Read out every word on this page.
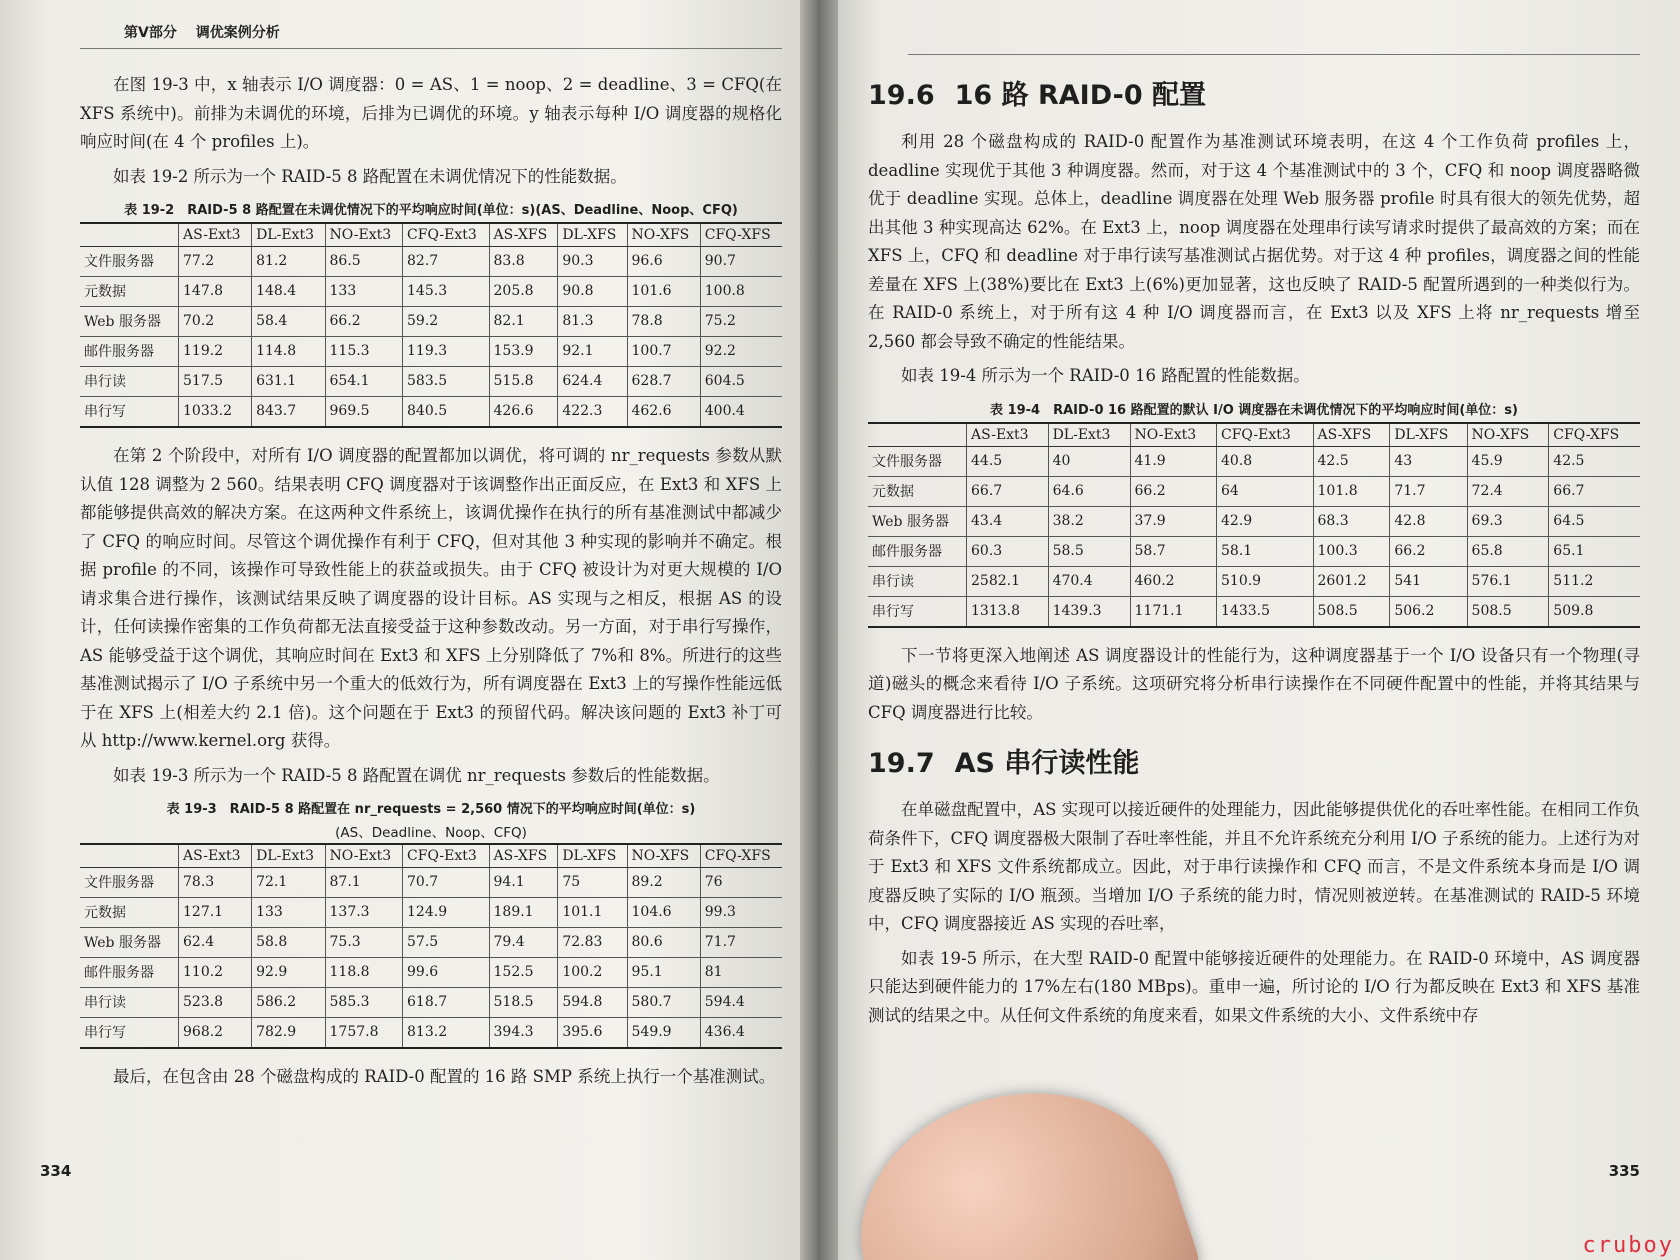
第Ⅴ部分 调优案例分析

在图 19-3 中，x 轴表示 I/O 调度器：0 = AS、1 = noop、2 = deadline、3 = CFQ(在 XFS 系统中)。前排为未调优的环境，后排为已调优的环境。y 轴表示每种 I/O 调度器的规格化响应时间(在 4 个 profiles 上)。

如表 19-2 所示为一个 RAID-5 8 路配置在未调优情况下的性能数据。

表 19-2　RAID-5 8 路配置在未调优情况下的平均响应时间(单位：s)(AS、Deadline、Noop、CFQ)
	AS-Ext3	DL-Ext3	NO-Ext3	CFQ-Ext3	AS-XFS	DL-XFS	NO-XFS	CFQ-XFS
文件服务器	77.2	81.2	86.5	82.7	83.8	90.3	96.6	90.7
元数据	147.8	148.4	133	145.3	205.8	90.8	101.6	100.8
Web 服务器	70.2	58.4	66.2	59.2	82.1	81.3	78.8	75.2
邮件服务器	119.2	114.8	115.3	119.3	153.9	92.1	100.7	92.2
串行读	517.5	631.1	654.1	583.5	515.8	624.4	628.7	604.5
串行写	1033.2	843.7	969.5	840.5	426.6	422.3	462.6	400.4

在第 2 个阶段中，对所有 I/O 调度器的配置都加以调优，将可调的 nr_requests 参数从默认值 128 调整为 2 560。结果表明 CFQ 调度器对于该调整作出正面反应，在 Ext3 和 XFS 上都能够提供高效的解决方案。在这两种文件系统上，该调优操作在执行的所有基准测试中都减少了 CFQ 的响应时间。尽管这个调优操作有利于 CFQ，但对其他 3 种实现的影响并不确定。根据 profile 的不同，该操作可导致性能上的获益或损失。由于 CFQ 被设计为对更大规模的 I/O 请求集合进行操作，该测试结果反映了调度器的设计目标。AS 实现与之相反，根据 AS 的设计，任何读操作密集的工作负荷都无法直接受益于这种参数改动。另一方面，对于串行写操作，AS 能够受益于这个调优，其响应时间在 Ext3 和 XFS 上分别降低了 7%和 8%。所进行的这些基准测试揭示了 I/O 子系统中另一个重大的低效行为，所有调度器在 Ext3 上的写操作性能远低于在 XFS 上(相差大约 2.1 倍)。这个问题在于 Ext3 的预留代码。解决该问题的 Ext3 补丁可从 http://www.kernel.org 获得。

如表 19-3 所示为一个 RAID-5 8 路配置在调优 nr_requests 参数后的性能数据。

表 19-3　RAID-5 8 路配置在 nr_requests = 2,560 情况下的平均响应时间(单位：s)
(AS、Deadline、Noop、CFQ)
	AS-Ext3	DL-Ext3	NO-Ext3	CFQ-Ext3	AS-XFS	DL-XFS	NO-XFS	CFQ-XFS
文件服务器	78.3	72.1	87.1	70.7	94.1	75	89.2	76
元数据	127.1	133	137.3	124.9	189.1	101.1	104.6	99.3
Web 服务器	62.4	58.8	75.3	57.5	79.4	72.83	80.6	71.7
邮件服务器	110.2	92.9	118.8	99.6	152.5	100.2	95.1	81
串行读	523.8	586.2	585.3	618.7	518.5	594.8	580.7	594.4
串行写	968.2	782.9	1757.8	813.2	394.3	395.6	549.9	436.4

最后，在包含由 28 个磁盘构成的 RAID-0 配置的 16 路 SMP 系统上执行一个基准测试。

334
19.6 16 路 RAID-0 配置

利用 28 个磁盘构成的 RAID-0 配置作为基准测试环境表明，在这 4 个工作负荷 profiles 上，deadline 实现优于其他 3 种调度器。然而，对于这 4 个基准测试中的 3 个，CFQ 和 noop 调度器略微优于 deadline 实现。总体上，deadline 调度器在处理 Web 服务器 profile 时具有很大的领先优势，超出其他 3 种实现高达 62%。在 Ext3 上，noop 调度器在处理串行读写请求时提供了最高效的方案；而在 XFS 上，CFQ 和 deadline 对于串行读写基准测试占据优势。对于这 4 种 profiles，调度器之间的性能差量在 XFS 上(38%)要比在 Ext3 上(6%)更加显著，这也反映了 RAID-5 配置所遇到的一种类似行为。在 RAID-0 系统上，对于所有这 4 种 I/O 调度器而言，在 Ext3 以及 XFS 上将 nr_requests 增至 2,560 都会导致不确定的性能结果。

如表 19-4 所示为一个 RAID-0 16 路配置的性能数据。

表 19-4　RAID-0 16 路配置的默认 I/O 调度器在未调优情况下的平均响应时间(单位：s)
	AS-Ext3	DL-Ext3	NO-Ext3	CFQ-Ext3	AS-XFS	DL-XFS	NO-XFS	CFQ-XFS
文件服务器	44.5	40	41.9	40.8	42.5	43	45.9	42.5
元数据	66.7	64.6	66.2	64	101.8	71.7	72.4	66.7
Web 服务器	43.4	38.2	37.9	42.9	68.3	42.8	69.3	64.5
邮件服务器	60.3	58.5	58.7	58.1	100.3	66.2	65.8	65.1
串行读	2582.1	470.4	460.2	510.9	2601.2	541	576.1	511.2
串行写	1313.8	1439.3	1171.1	1433.5	508.5	506.2	508.5	509.8

下一节将更深入地阐述 AS 调度器设计的性能行为，这种调度器基于一个 I/O 设备只有一个物理(寻道)磁头的概念来看待 I/O 子系统。这项研究将分析串行读操作在不同硬件配置中的性能，并将其结果与 CFQ 调度器进行比较。

19.7 AS 串行读性能

在单磁盘配置中，AS 实现可以接近硬件的处理能力，因此能够提供优化的吞吐率性能。在相同工作负荷条件下，CFQ 调度器极大限制了吞吐率性能，并且不允许系统充分利用 I/O 子系统的能力。上述行为对于 Ext3 和 XFS 文件系统都成立。因此，对于串行读操作和 CFQ 而言，不是文件系统本身而是 I/O 调度器反映了实际的 I/O 瓶颈。当增加 I/O 子系统的能力时，情况则被逆转。在基准测试的 RAID-5 环境中，CFQ 调度器接近 AS 实现的吞吐率，

如表 19-5 所示，在大型 RAID-0 配置中能够接近硬件的处理能力。在 RAID-0 环境中，AS 调度器只能达到硬件能力的 17%左右(180 MBps)。重申一遍，所讨论的 I/O 行为都反映在 Ext3 和 XFS 基准测试的结果之中。从任何文件系统的角度来看，如果文件系统的大小、文件系统中存

335
cruboy
